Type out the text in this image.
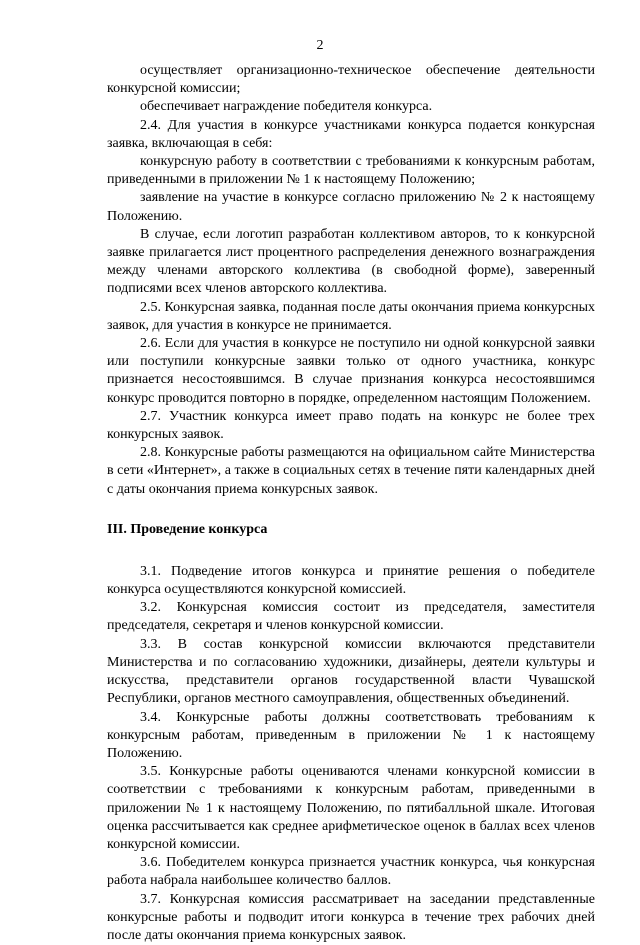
2

осуществляет организационно-техническое обеспечение деятельности конкурсной комиссии;

обеспечивает награждение победителя конкурса.

2.4. Для участия в конкурсе участниками конкурса подается конкурсная заявка, включающая в себя:

конкурсную работу в соответствии с требованиями к конкурсным работам, приведенными в приложении № 1 к настоящему Положению;

заявление на участие в конкурсе согласно приложению № 2 к настоящему Положению.

В случае, если логотип разработан коллективом авторов, то к конкурсной заявке прилагается лист процентного распределения денежного вознаграждения между членами авторского коллектива (в свободной форме), заверенный подписями всех членов авторского коллектива.

2.5. Конкурсная заявка, поданная после даты окончания приема конкурсных заявок, для участия в конкурсе не принимается.

2.6. Если для участия в конкурсе не поступило ни одной конкурсной заявки или поступили конкурсные заявки только от одного участника, конкурс признается несостоявшимся. В случае признания конкурса несостоявшимся конкурс проводится повторно в порядке, определенном настоящим Положением.

2.7. Участник конкурса имеет право подать на конкурс не более трех конкурсных заявок.

2.8. Конкурсные работы размещаются на официальном сайте Министерства в сети «Интернет», а также в социальных сетях в течение пяти календарных дней с даты окончания приема конкурсных заявок.

III. Проведение конкурса

3.1. Подведение итогов конкурса и принятие решения о победителе конкурса осуществляются конкурсной комиссией.

3.2. Конкурсная комиссия состоит из председателя, заместителя председателя, секретаря и членов конкурсной комиссии.

3.3. В состав конкурсной комиссии включаются представители Министерства и по согласованию художники, дизайнеры, деятели культуры и искусства, представители органов государственной власти Чувашской Республики, органов местного самоуправления, общественных объединений.

3.4. Конкурсные работы должны соответствовать требованиям к конкурсным работам, приведенным в приложении № 1 к настоящему Положению.

3.5. Конкурсные работы оцениваются членами конкурсной комиссии в соответствии с требованиями к конкурсным работам, приведенными в приложении № 1 к настоящему Положению, по пятибалльной шкале. Итоговая оценка рассчитывается как среднее арифметическое оценок в баллах всех членов конкурсной комиссии.

3.6. Победителем конкурса признается участник конкурса, чья конкурсная работа набрала наибольшее количество баллов.

3.7. Конкурсная комиссия рассматривает на заседании представленные конкурсные работы и подводит итоги конкурса в течение трех рабочих дней после даты окончания приема конкурсных заявок.
